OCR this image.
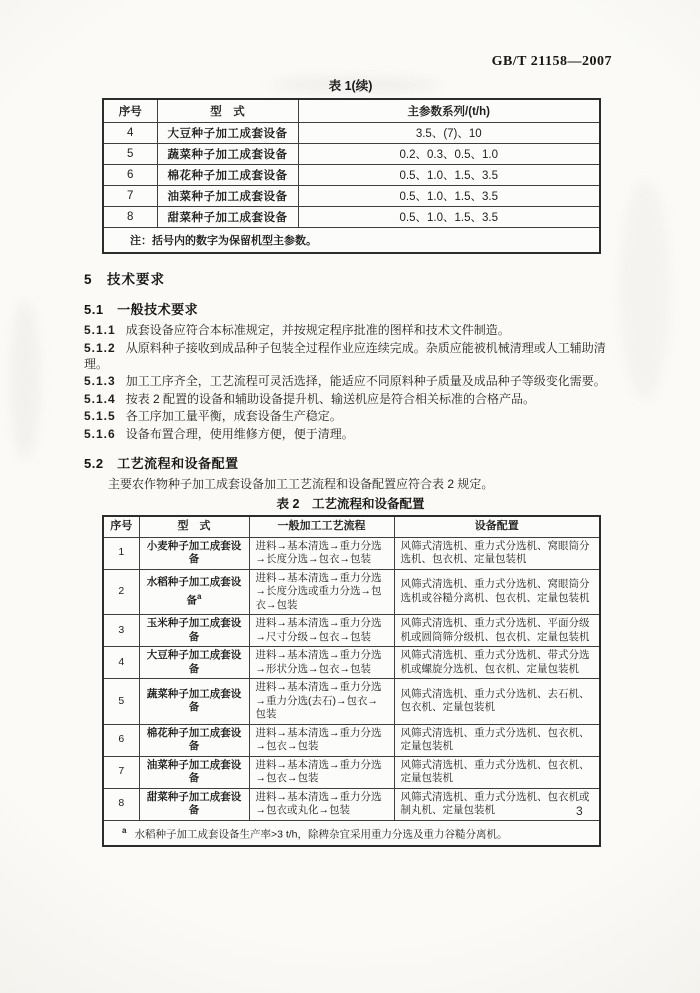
GB/T 21158—2007
表 1(续)
序号	型　式	主参数系列/(t/h)
4	大豆种子加工成套设备	3.5、(7)、10
5	蔬菜种子加工成套设备	0.2、0.3、0.5、1.0
6	棉花种子加工成套设备	0.5、1.0、1.5、3.5
7	油菜种子加工成套设备	0.5、1.0、1.5、3.5
8	甜菜种子加工成套设备	0.5、1.0、1.5、3.5
注：括号内的数字为保留机型主参数。		
5　技术要求
5.1　一般技术要求

5.1.1 成套设备应符合本标准规定，并按规定程序批准的图样和技术文件制造。

5.1.2 从原料种子接收到成品种子包装全过程作业应连续完成。杂质应能被机械清理或人工辅助清理。

5.1.3 加工工序齐全，工艺流程可灵活选择，能适应不同原料种子质量及成品种子等级变化需要。

5.1.4 按表 2 配置的设备和辅助设备提升机、输送机应是符合相关标准的合格产品。

5.1.5 各工序加工量平衡，成套设备生产稳定。

5.1.6 设备布置合理，使用维修方便，便于清理。

5.2　工艺流程和设备配置

主要农作物种子加工成套设备加工工艺流程和设备配置应符合表 2 规定。

表 2　工艺流程和设备配置
序号	型　式	一般加工工艺流程	设备配置
1	小麦种子加工成套设备	进料→基本清选→重力分选→长度分选→包衣→包装	风筛式清选机、重力式分选机、窝眼筒分选机、包衣机、定量包装机
2	水稻种子加工成套设备$^a$	进料→基本清选→重力分选→长度分选或重力分选→包衣→包装	风筛式清选机、重力式分选机、窝眼筒分选机或谷糙分离机、包衣机、定量包装机
3	玉米种子加工成套设备	进料→基本清选→重力分选→尺寸分级→包衣→包装	风筛式清选机、重力式分选机、平面分级机或圆筒筛分级机、包衣机、定量包装机
4	大豆种子加工成套设备	进料→基本清选→重力分选→形状分选→包衣→包装	风筛式清选机、重力式分选机、带式分选机或螺旋分选机、包衣机、定量包装机
5	蔬菜种子加工成套设备	进料→基本清选→重力分选→重力分选(去石)→包衣→包装	风筛式清选机、重力式分选机、去石机、包衣机、定量包装机
6	棉花种子加工成套设备	进料→基本清选→重力分选→包衣→包装	风筛式清选机、重力式分选机、包衣机、定量包装机
7	油菜种子加工成套设备	进料→基本清选→重力分选→包衣→包装	风筛式清选机、重力式分选机、包衣机、定量包装机
8	甜菜种子加工成套设备	进料→基本清选→重力分选→包衣或丸化→包装	风筛式清选机、重力式分选机、包衣机或制丸机、定量包装机
$^a$ 水稻种子加工成套设备生产率>3 t/h，除稗杂宜采用重力分选及重力谷糙分离机。			
3
